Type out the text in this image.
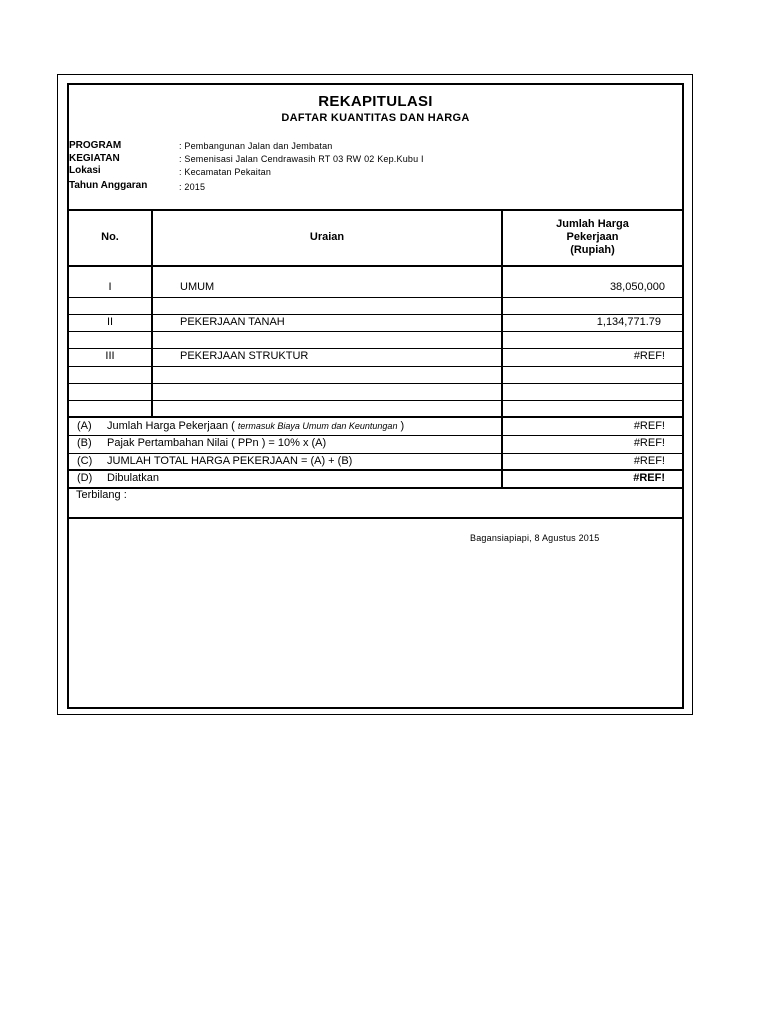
REKAPITULASI
DAFTAR KUANTITAS DAN HARGA
PROGRAM	: Pembangunan Jalan dan Jembatan
KEGIATAN	: Semenisasi Jalan Cendrawasih RT 03 RW 02 Kep.Kubu I
Lokasi	: Kecamatan Pekaitan
Tahun Anggaran	: 2015
No.	Uraian
Jumlah Harga
Pekerjaan
(Rupiah)
I	UMUM	38,050,000
II	PEKERJAAN TANAH	1,134,771.79
III	PEKERJAAN STRUKTUR	#REF!
(A) Jumlah Harga Pekerjaan ( termasuk Biaya Umum dan Keuntungan )	#REF!
(B) Pajak Pertambahan Nilai ( PPn ) = 10% x (A)	#REF!
(C) JUMLAH TOTAL HARGA PEKERJAAN = (A) + (B)	#REF!
(D) Dibulatkan	#REF!
Terbilang :
Bagansiapiapi, 8 Agustus 2015
